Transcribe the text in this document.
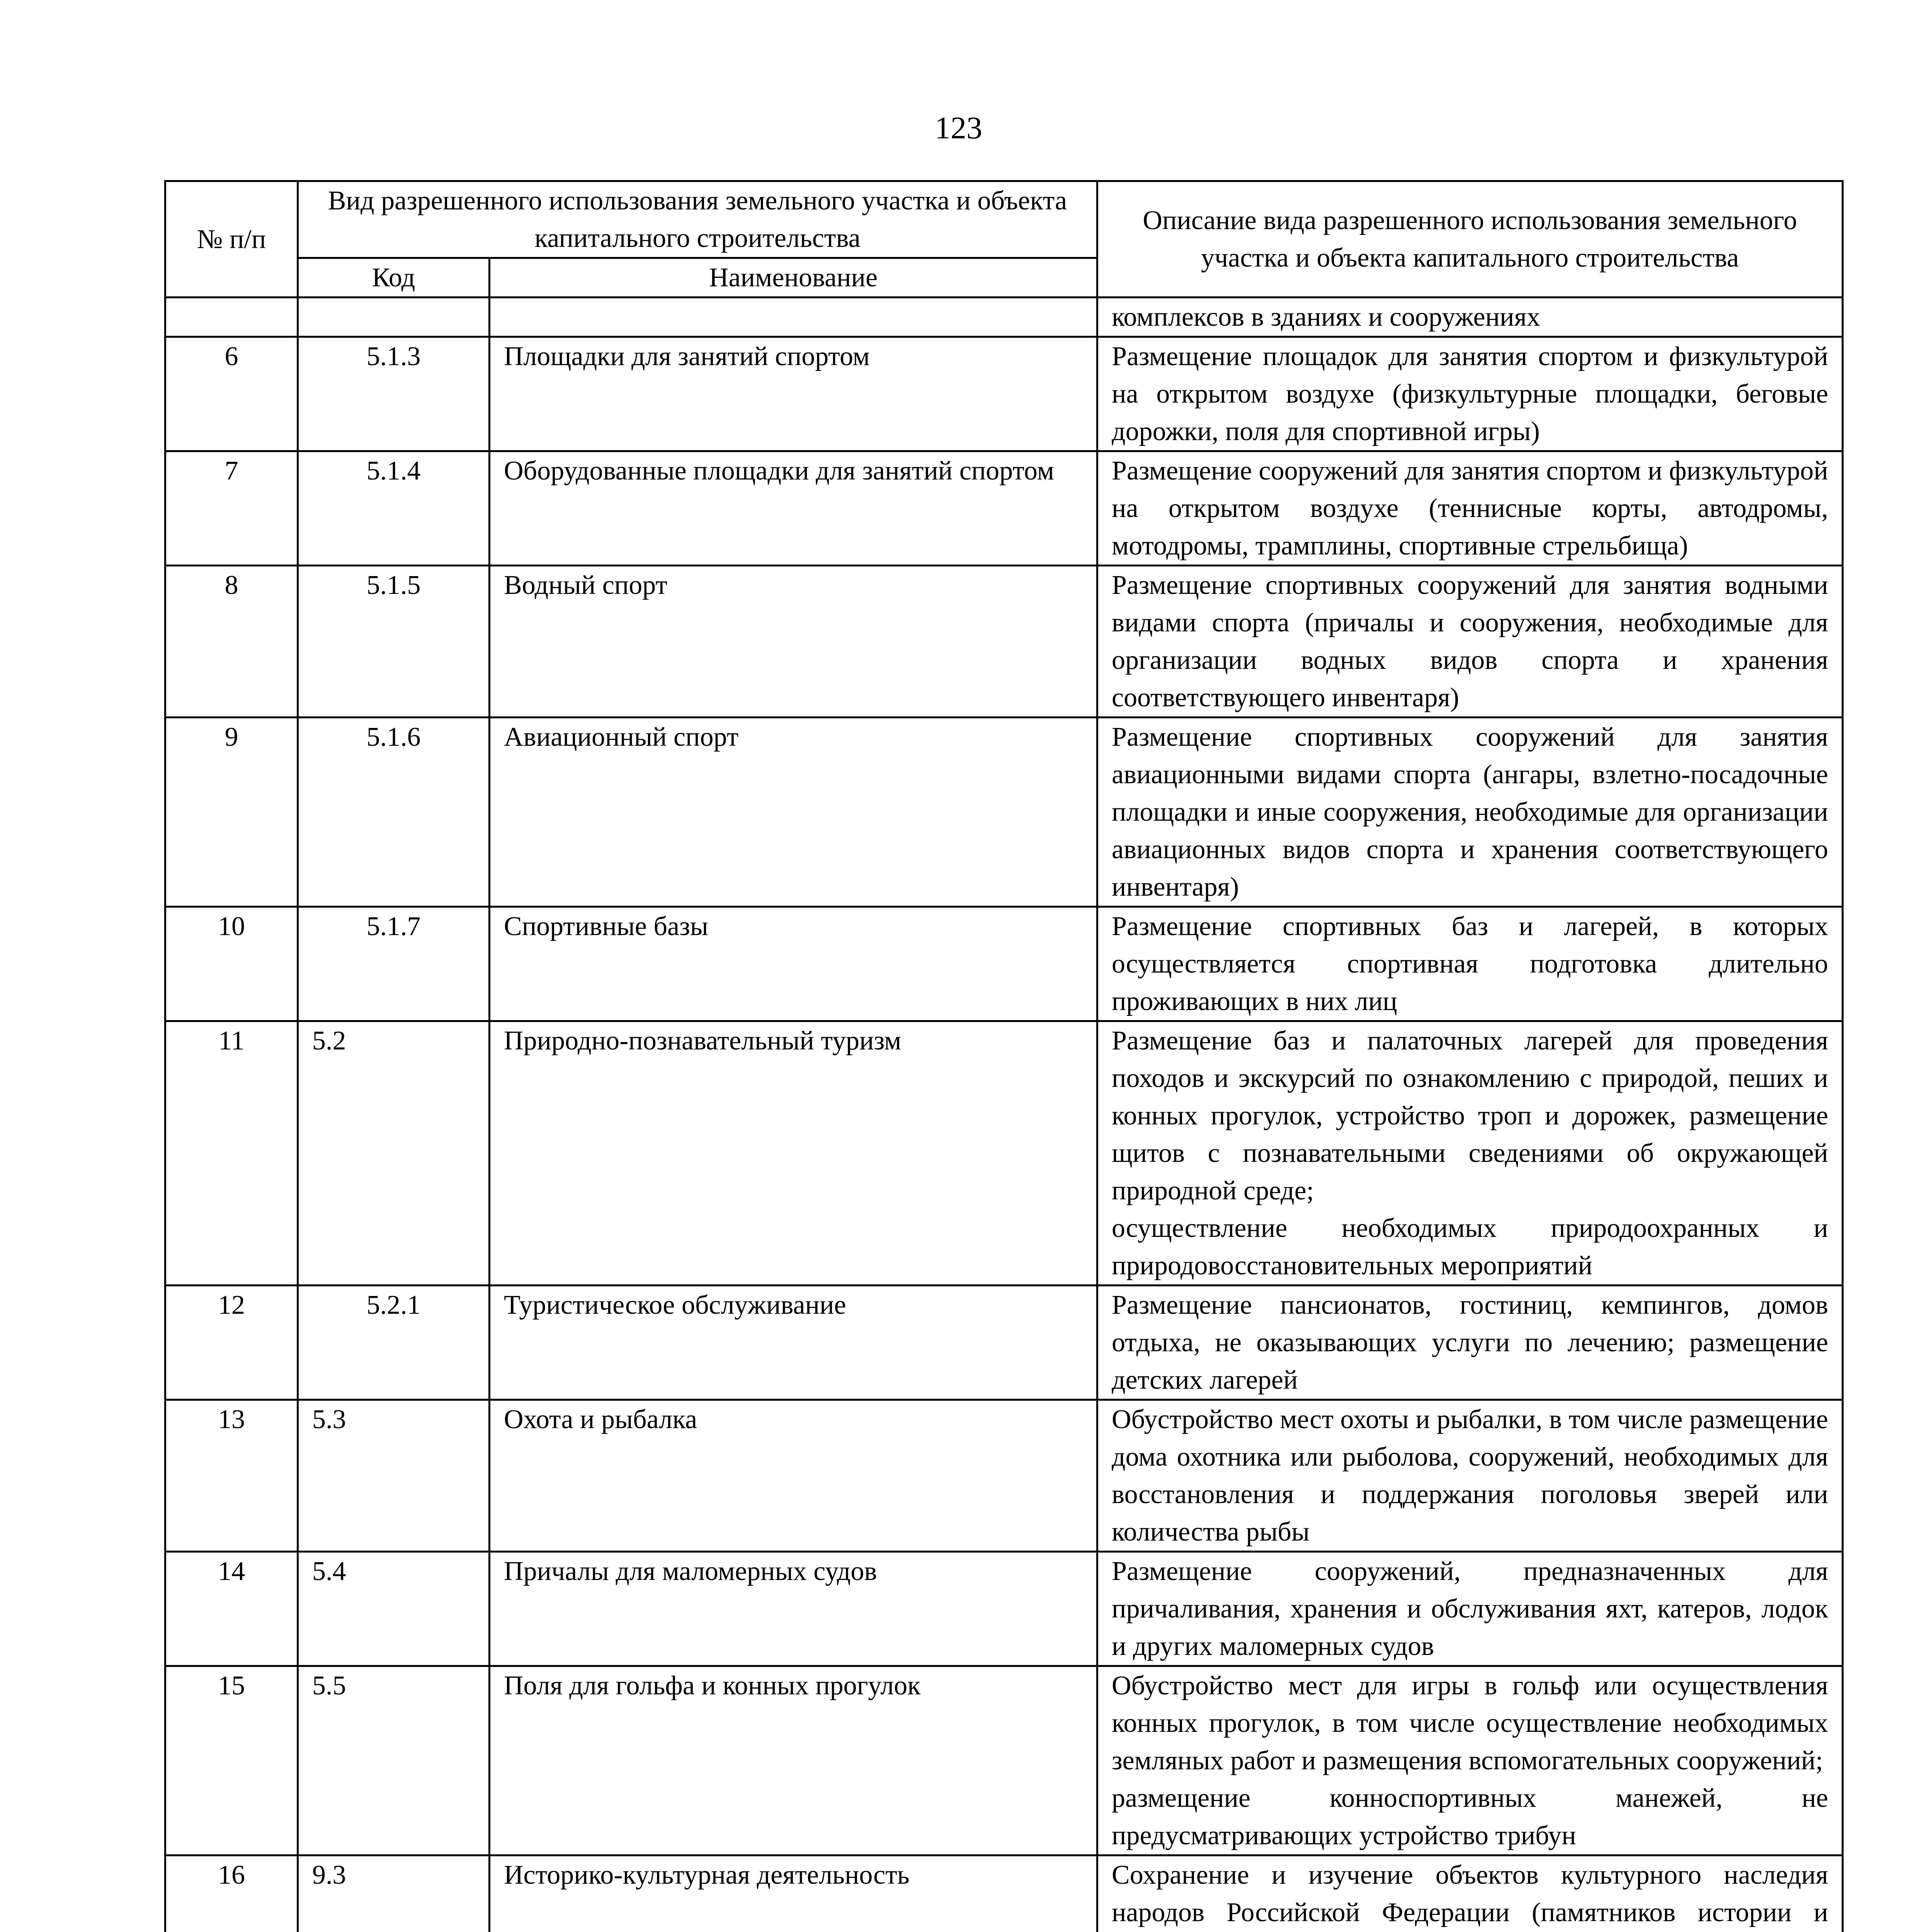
123
№ п/п	Вид разрешенного использования земельного участка и объекта капитального строительства		Описание вида разрешенного использования земельного участка и объекта капитального строительства
	Код	Наименование	
			комплексов в зданиях и сооружениях
6	5.1.3	Площадки для занятий спортом	Размещение площадок для занятия спортом и физкультурой на открытом воздухе (физкультурные площадки, беговые дорожки, поля для спортивной игры)

7	5.1.4	Оборудованные площадки для занятий спортом	Размещение сооружений для занятия спортом и физкультурой на открытом воздухе (теннисные корты, автодромы, мотодромы, трамплины, спортивные стрельбища)

8	5.1.5	Водный спорт	Размещение спортивных сооружений для занятия водными видами спорта (причалы и сооружения, необходимые для организации водных видов спорта и хранения соответствующего инвентаря)

9	5.1.6	Авиационный спорт	Размещение спортивных сооружений для занятия авиационными видами спорта (ангары, взлетно-посадочные площадки и иные сооружения, необходимые для организации авиационных видов спорта и хранения соответствующего инвентаря)

10	5.1.7	Спортивные базы	Размещение спортивных баз и лагерей, в которых осуществляется спортивная подготовка длительно проживающих в них лиц

11	5.2	Природно-познавательный туризм	Размещение баз и палаточных лагерей для проведения походов и экскурсий по ознакомлению с природой, пеших и конных прогулок, устройство троп и дорожек, размещение щитов с познавательными сведениями об окружающей природной среде;
осуществление необходимых природоохранных и природовосстановительных мероприятий

12	5.2.1	Туристическое обслуживание	Размещение пансионатов, гостиниц, кемпингов, домов отдыха, не оказывающих услуги по лечению; размещение детских лагерей

13	5.3	Охота и рыбалка	Обустройство мест охоты и рыбалки, в том числе размещение дома охотника или рыболова, сооружений, необходимых для восстановления и поддержания поголовья зверей или количества рыбы

14	5.4	Причалы для маломерных судов	Размещение сооружений, предназначенных для причаливания, хранения и обслуживания яхт, катеров, лодок и других маломерных судов

15	5.5	Поля для гольфа и конных прогулок	Обустройство мест для игры в гольф или осуществления конных прогулок, в том числе осуществление необходимых земляных работ и размещения вспомогательных сооружений;
размещение конноспортивных манежей, не предусматривающих устройство трибун

16	9.3	Историко-культурная деятельность	Сохранение и изучение объектов культурного наследия народов Российской Федерации (памятников истории и
